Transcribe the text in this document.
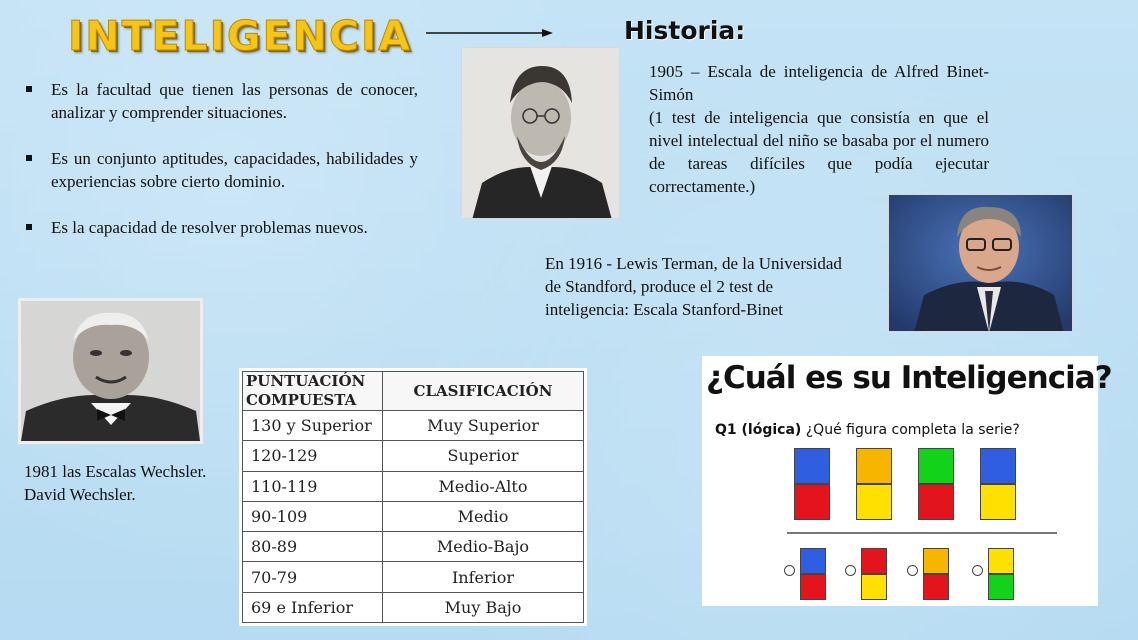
INTELIGENCIA	Historia:
Es la facultad que tienen las personas de conocer, analizar y comprender situaciones.
Es un conjunto aptitudes, capacidades, habilidades y experiencias sobre cierto dominio.
Es la capacidad de resolver problemas nuevos.

1905 – Escala de inteligencia de Alfred Binet- Simón

(1 test de inteligencia que consistía en que el nivel intelectual del niño se basaba por el numero de tareas difíciles que podía ejecutar correctamente.)

En 1916 - Lewis Terman, de la Universidad de Standford, produce el 2 test de inteligencia: Escala Stanford-Binet
1981 las Escalas Wechsler.
David Wechsler.
PUNTUACIÓN COMPUESTA	CLASIFICACIÓN
130 y Superior	Muy Superior
120-129	Superior
110-119	Medio-Alto
90-109	Medio
80-89	Medio-Bajo
70-79	Inferior
69 e Inferior	Muy Bajo
¿Cuál es su Inteligencia?
Q1 (lógica) ¿Qué figura completa la serie?
